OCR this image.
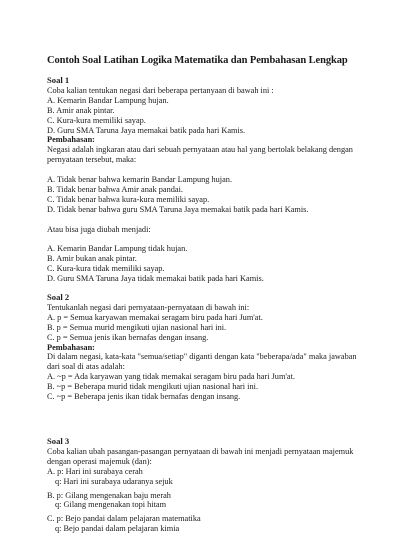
Contoh Soal Latihan Logika Matematika dan Pembahasan Lengkap
Soal 1
Coba kalian tentukan negasi dari beberapa pertanyaan di bawah ini :
A. Kemarin Bandar Lampung hujan.
B. Amir anak pintar.
C. Kura-kura memiliki sayap.
D. Guru SMA Taruna Jaya memakai batik pada hari Kamis.
Pembahasan:
Negasi adalah ingkaran atau dari sebuah pernyataan atau hal yang bertolak belakang dengan pernyataan tersebut, maka:
A. Tidak benar bahwa kemarin Bandar Lampung hujan.
B. Tidak benar bahwa Amir anak pandai.
C. Tidak benar bahwa kura-kura memiliki sayap.
D. Tidak benar bahwa guru SMA Taruna Jaya memakai batik pada hari Kamis.
Atau bisa juga diubah menjadi:
A. Kemarin Bandar Lampung tidak hujan.
B. Amir bukan anak pintar.
C. Kura-kura tidak memiliki sayap.
D. Guru SMA Taruna Jaya tidak memakai batik pada hari Kamis.
Soal 2
Tentukanlah negasi dari pernyataan-pernyataan di bawah ini:
A. p = Semua karyawan memakai seragam biru pada hari Jum'at.
B. p = Semua murid mengikuti ujian nasional hari ini.
C. p = Semua jenis ikan bernafas dengan insang.
Pembahasan:
Di dalam negasi, kata-kata "semua/setiap" diganti dengan kata "beberapa/ada" maka jawaban dari soal di atas adalah:
A. ~p = Ada karyawan yang tidak memakai seragam biru pada hari Jum'at.
B. ~p = Beberapa murid tidak mengikuti ujian nasional hari ini.
C. ~p = Beberapa jenis ikan tidak bernafas dengan insang.
Soal 3
Coba kalian ubah pasangan-pasangan pernyataan di bawah ini menjadi pernyataan majemuk dengan operasi majemuk (dan):
A. p: Hari ini surabaya cerah
q: Hari ini surabaya udaranya sejuk
B. p: Gilang mengenakan baju merah
q: Gilang mengenakan topi hitam
C. p: Bejo pandai dalam pelajaran matematika
q: Bejo pandai dalam pelajaran kimia
